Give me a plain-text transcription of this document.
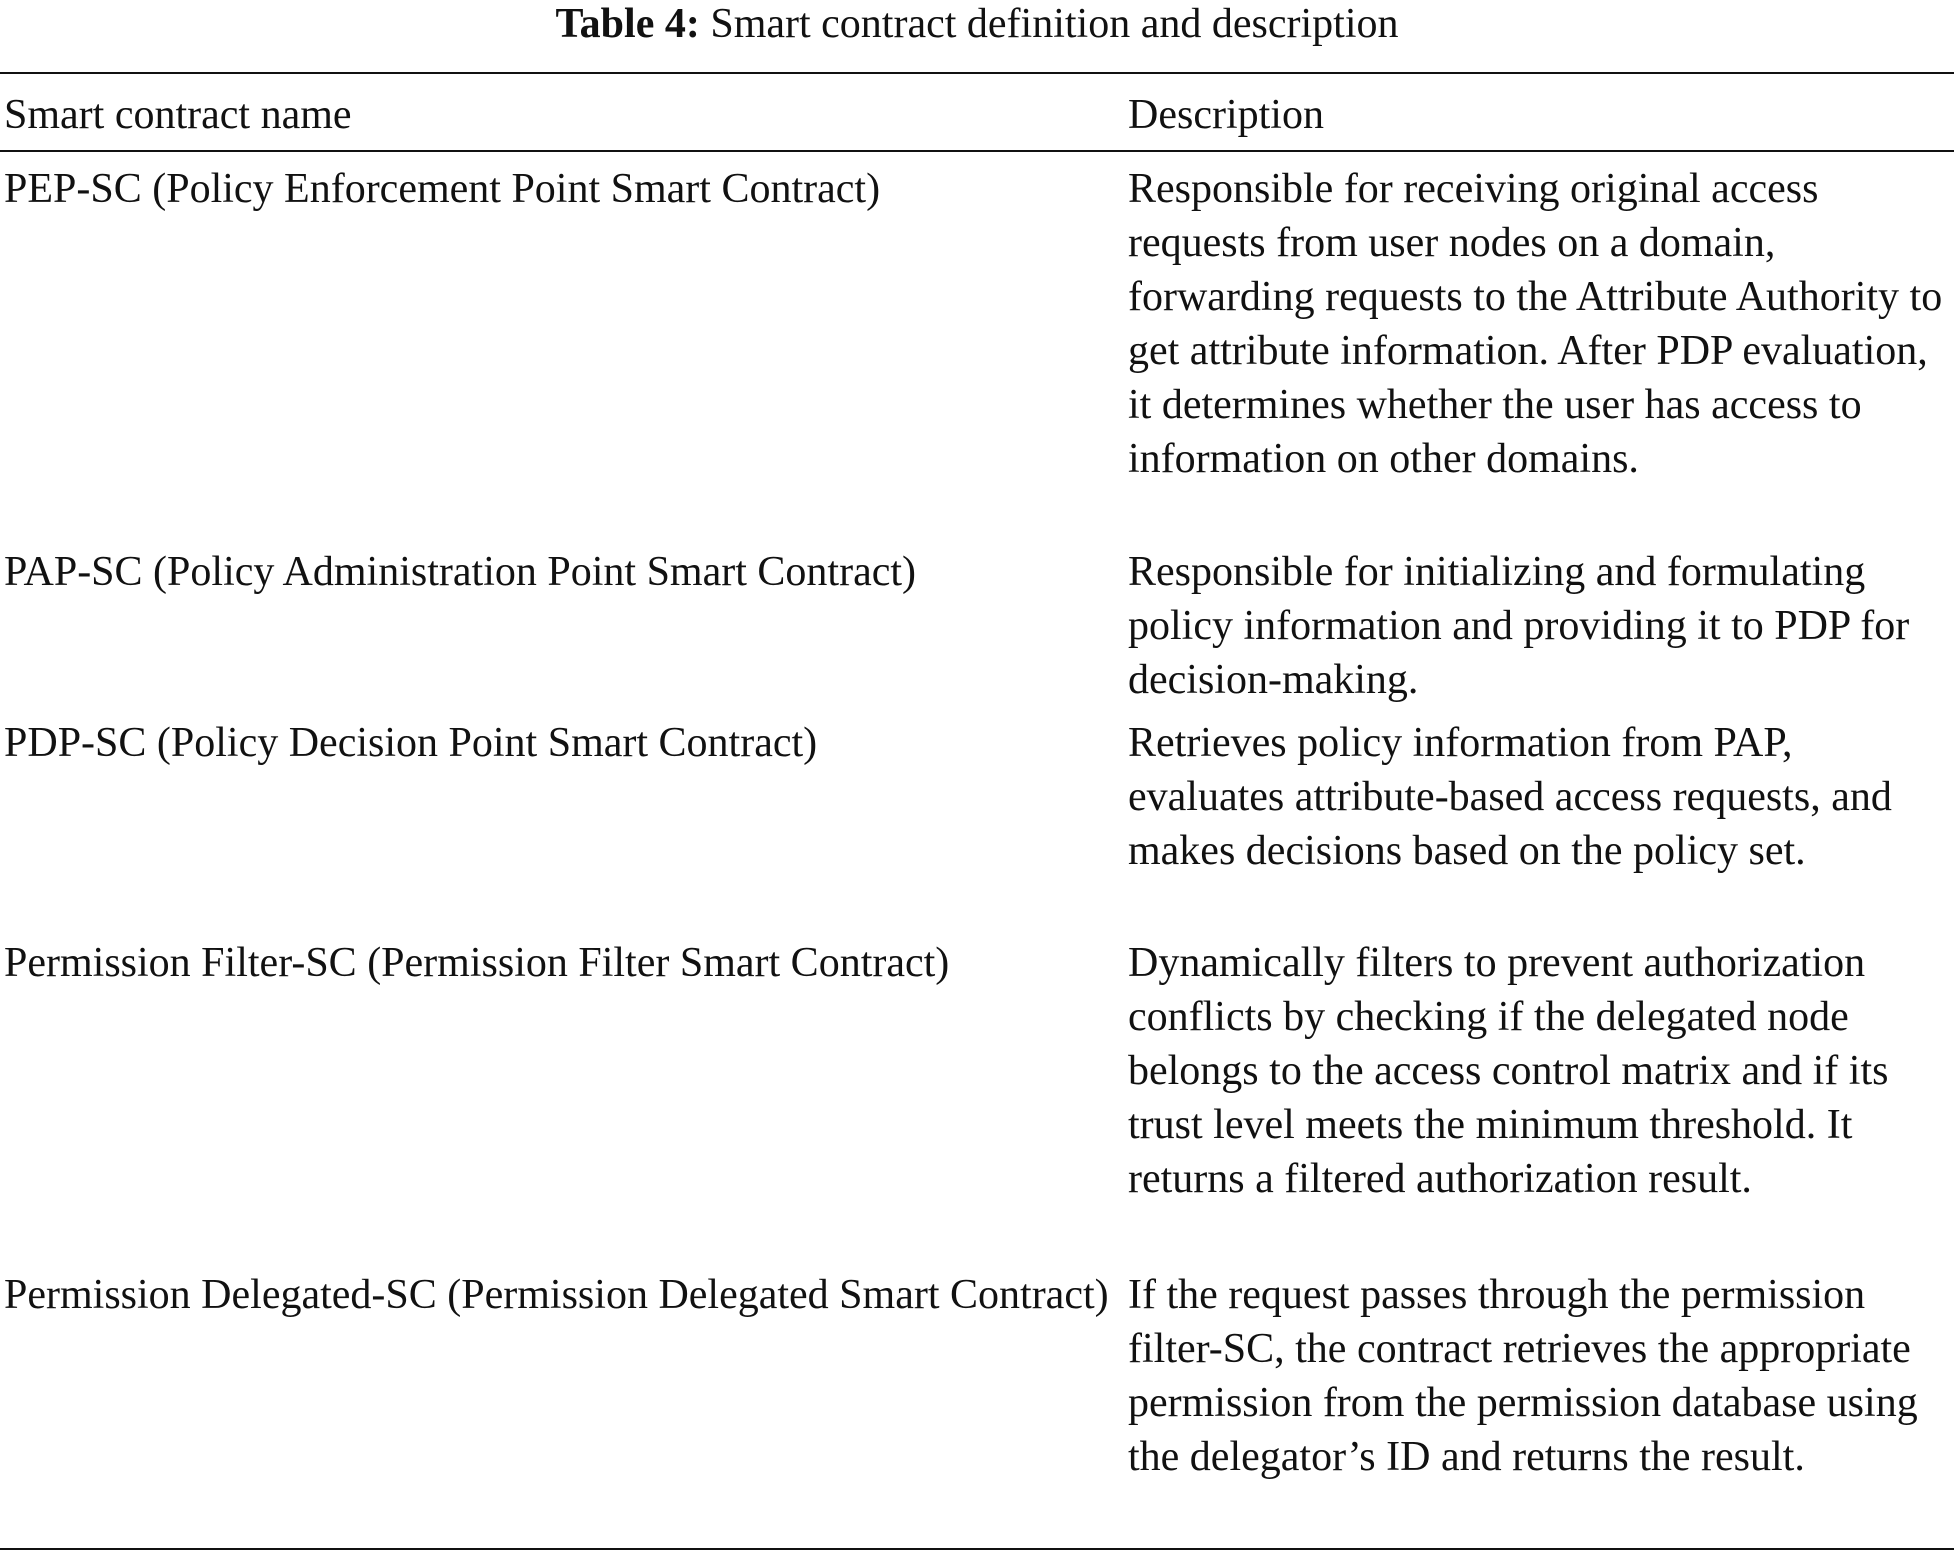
Table 4: Smart contract definition and description
Smart contract name	Description
PEP-SC (Policy Enforcement Point Smart Contract)	Responsible for receiving original access requests from user nodes on a domain, forwarding requests to the Attribute Authority to get attribute information. After PDP evaluation, it determines whether the user has access to information on other domains.
PAP-SC (Policy Administration Point Smart Contract)	Responsible for initializing and formulating policy information and providing it to PDP for decision-making.
PDP-SC (Policy Decision Point Smart Contract)	Retrieves policy information from PAP, evaluates attribute-based access requests, and makes decisions based on the policy set.
Permission Filter-SC (Permission Filter Smart Contract)	Dynamically filters to prevent authorization conflicts by checking if the delegated node belongs to the access control matrix and if its trust level meets the minimum threshold. It returns a filtered authorization result.
Permission Delegated-SC (Permission Delegated Smart Contract) If the request passes through the permission filter-SC, the contract retrieves the appropriate permission from the permission database using the delegator’s ID and returns the result.
